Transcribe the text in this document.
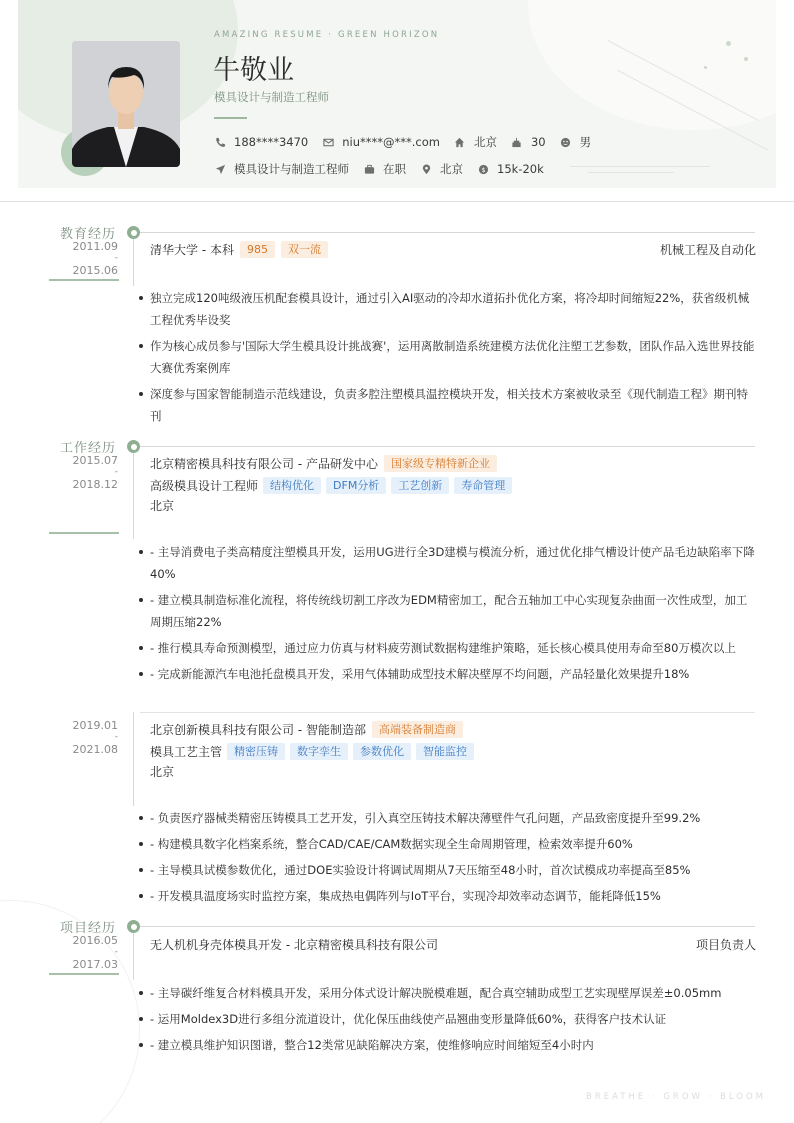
AMAZING RESUME · GREEN HORIZON
牛敬业
模具设计与制造工程师
188****3470	niu****@***.com	北京	30	男
模具设计与制造工程师	在职	北京	$ 15k-20k
教育经历
2011.09
-
2015.06
清华大学 - 本科	985	双一流	机械工程及自动化
独立完成120吨级液压机配套模具设计，通过引入AI驱动的冷却水道拓扑优化方案，将冷却时间缩短22%，获省级机械工程优秀毕设奖
作为核心成员参与'国际大学生模具设计挑战赛'，运用离散制造系统建模方法优化注塑工艺参数，团队作品入选世界技能大赛优秀案例库
深度参与国家智能制造示范线建设，负责多腔注塑模具温控模块开发，相关技术方案被收录至《现代制造工程》期刊特刊
工作经历
2015.07
-
2018.12
北京精密模具科技有限公司 - 产品研发中心	国家级专精特新企业
高级模具设计工程师	结构优化	DFM分析	工艺创新	寿命管理
北京
- 主导消费电子类高精度注塑模具开发，运用UG进行全3D建模与模流分析，通过优化排气槽设计使产品毛边缺陷率下降40%
- 建立模具制造标准化流程，将传统线切割工序改为EDM精密加工，配合五轴加工中心实现复杂曲面一次性成型，加工周期压缩22%
- 推行模具寿命预测模型，通过应力仿真与材料疲劳测试数据构建维护策略，延长核心模具使用寿命至80万模次以上
- 完成新能源汽车电池托盘模具开发，采用气体辅助成型技术解决壁厚不均问题，产品轻量化效果提升18%
2019.01
-
2021.08
北京创新模具科技有限公司 - 智能制造部	高端装备制造商
模具工艺主管	精密压铸	数字孪生	参数优化	智能监控
北京
- 负责医疗器械类精密压铸模具工艺开发，引入真空压铸技术解决薄壁件气孔问题，产品致密度提升至99.2%
- 构建模具数字化档案系统，整合CAD/CAE/CAM数据实现全生命周期管理，检索效率提升60%
- 主导模具试模参数优化，通过DOE实验设计将调试周期从7天压缩至48小时，首次试模成功率提高至85%
- 开发模具温度场实时监控方案，集成热电偶阵列与IoT平台，实现冷却效率动态调节，能耗降低15%
项目经历
2016.05
-
2017.03
无人机机身壳体模具开发 - 北京精密模具科技有限公司	项目负责人
- 主导碳纤维复合材料模具开发，采用分体式设计解决脱模难题，配合真空辅助成型工艺实现壁厚误差±0.05mm
- 运用Moldex3D进行多组分流道设计，优化保压曲线使产品翘曲变形量降低60%，获得客户技术认证
- 建立模具维护知识图谱，整合12类常见缺陷解决方案，使维修响应时间缩短至4小时内
BREATHE · GROW · BLOOM
